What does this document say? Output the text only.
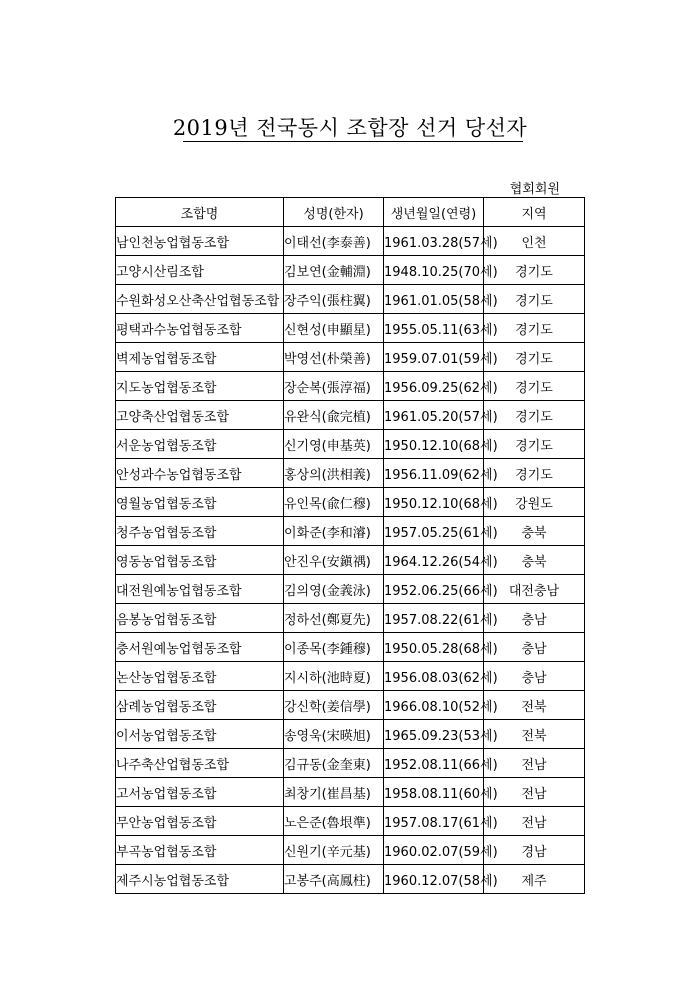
2019년 전국동시 조합장 선거 당선자
협회회원
조합명	성명(한자)	생년월일(연령)	지역
남인천농업협동조합	이태선(李泰善)	1961.03.28(57세)	인천
고양시산림조합	김보연(金輔淵)	1948.10.25(70세)	경기도
수원화성오산축산업협동조합	장주익(張柱翼)	1961.01.05(58세)	경기도
평택과수농업협동조합	신현성(申顯星)	1955.05.11(63세)	경기도
벽제농업협동조합	박영선(朴榮善)	1959.07.01(59세)	경기도
지도농업협동조합	장순복(張淳福)	1956.09.25(62세)	경기도
고양축산업협동조합	유완식(兪完植)	1961.05.20(57세)	경기도
서운농업협동조합	신기영(申基英)	1950.12.10(68세)	경기도
안성과수농업협동조합	홍상의(洪相義)	1956.11.09(62세)	경기도
영월농업협동조합	유인목(兪仁穆)	1950.12.10(68세)	강원도
청주농업협동조합	이화준(李和濬)	1957.05.25(61세)	충북
영동농업협동조합	안진우(安鎭禑)	1964.12.26(54세)	충북
대전원예농업협동조합	김의영(金義泳)	1952.06.25(66세)	대전충남
음봉농업협동조합	정하선(鄭夏先)	1957.08.22(61세)	충남
충서원예농업협동조합	이종목(李鍾穆)	1950.05.28(68세)	충남
논산농업협동조합	지시하(池時夏)	1956.08.03(62세)	충남
삼례농업협동조합	강신학(姜信學)	1966.08.10(52세)	전북
이서농업협동조합	송영욱(宋暎旭)	1965.09.23(53세)	전북
나주축산업협동조합	김규동(金奎東)	1952.08.11(66세)	전남
고서농업협동조합	최창기(崔昌基)	1958.08.11(60세)	전남
무안농업협동조합	노은준(魯垠準)	1957.08.17(61세)	전남
부곡농업협동조합	신원기(辛元基)	1960.02.07(59세)	경남
제주시농업협동조합	고봉주(高鳳柱)	1960.12.07(58세)	제주
